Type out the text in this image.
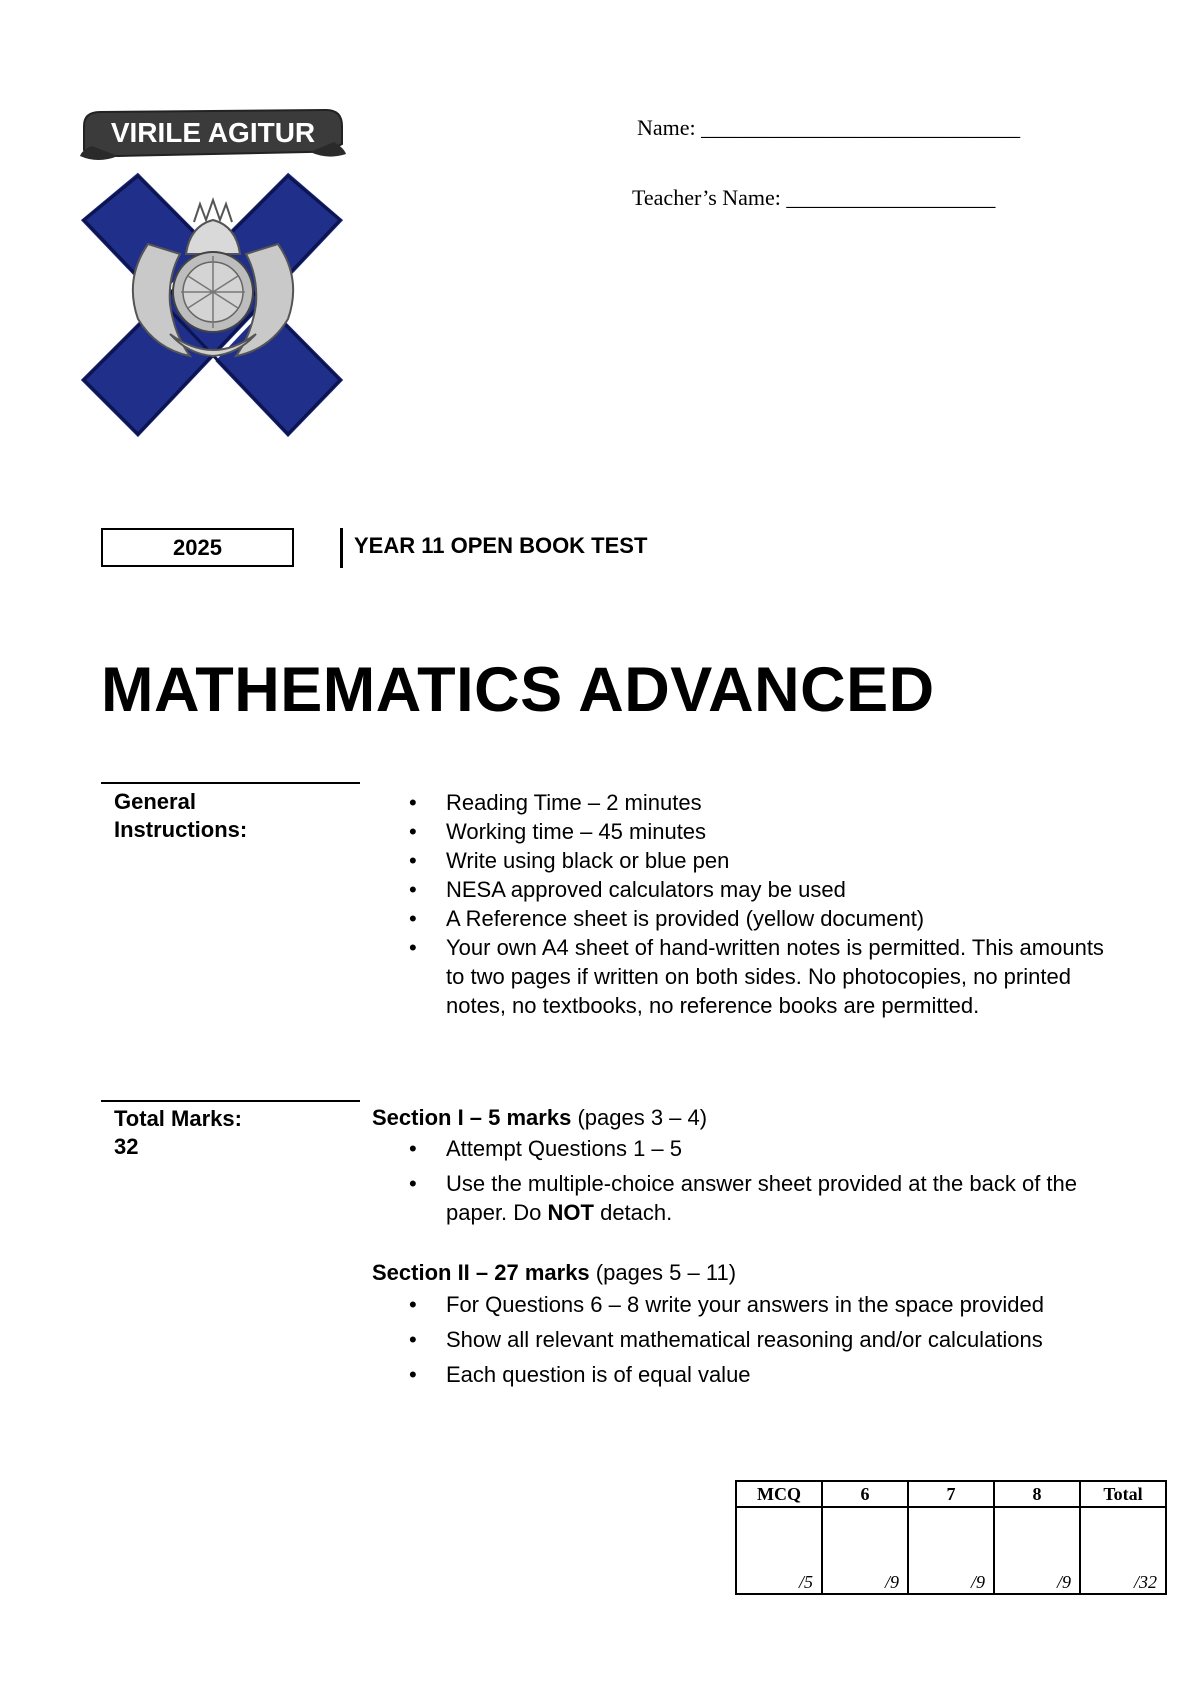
VIRILE AGITUR	Name: _____________________________
Teacher’s Name: ___________________
2025	YEAR 11 OPEN BOOK TEST
MATHEMATICS ADVANCED
General
Instructions:
• Reading Time – 2 minutes
• Working time – 45 minutes
• Write using black or blue pen
• NESA approved calculators may be used
• A Reference sheet is provided (yellow document)
• Your own A4 sheet of hand-written notes is permitted. This amounts to two pages if written on both sides. No photocopies, no printed notes, no textbooks, no reference books are permitted.
Total Marks:
32
Section I – 5 marks (pages 3 – 4)
• Attempt Questions 1 – 5
• Use the multiple-choice answer sheet provided at the back of the paper. Do NOT detach.
Section II – 27 marks (pages 5 – 11)
• For Questions 6 – 8 write your answers in the space provided
• Show all relevant mathematical reasoning and/or calculations
• Each question is of equal value
MCQ	6	7	8	Total
/5	/9	/9	/9	/32
